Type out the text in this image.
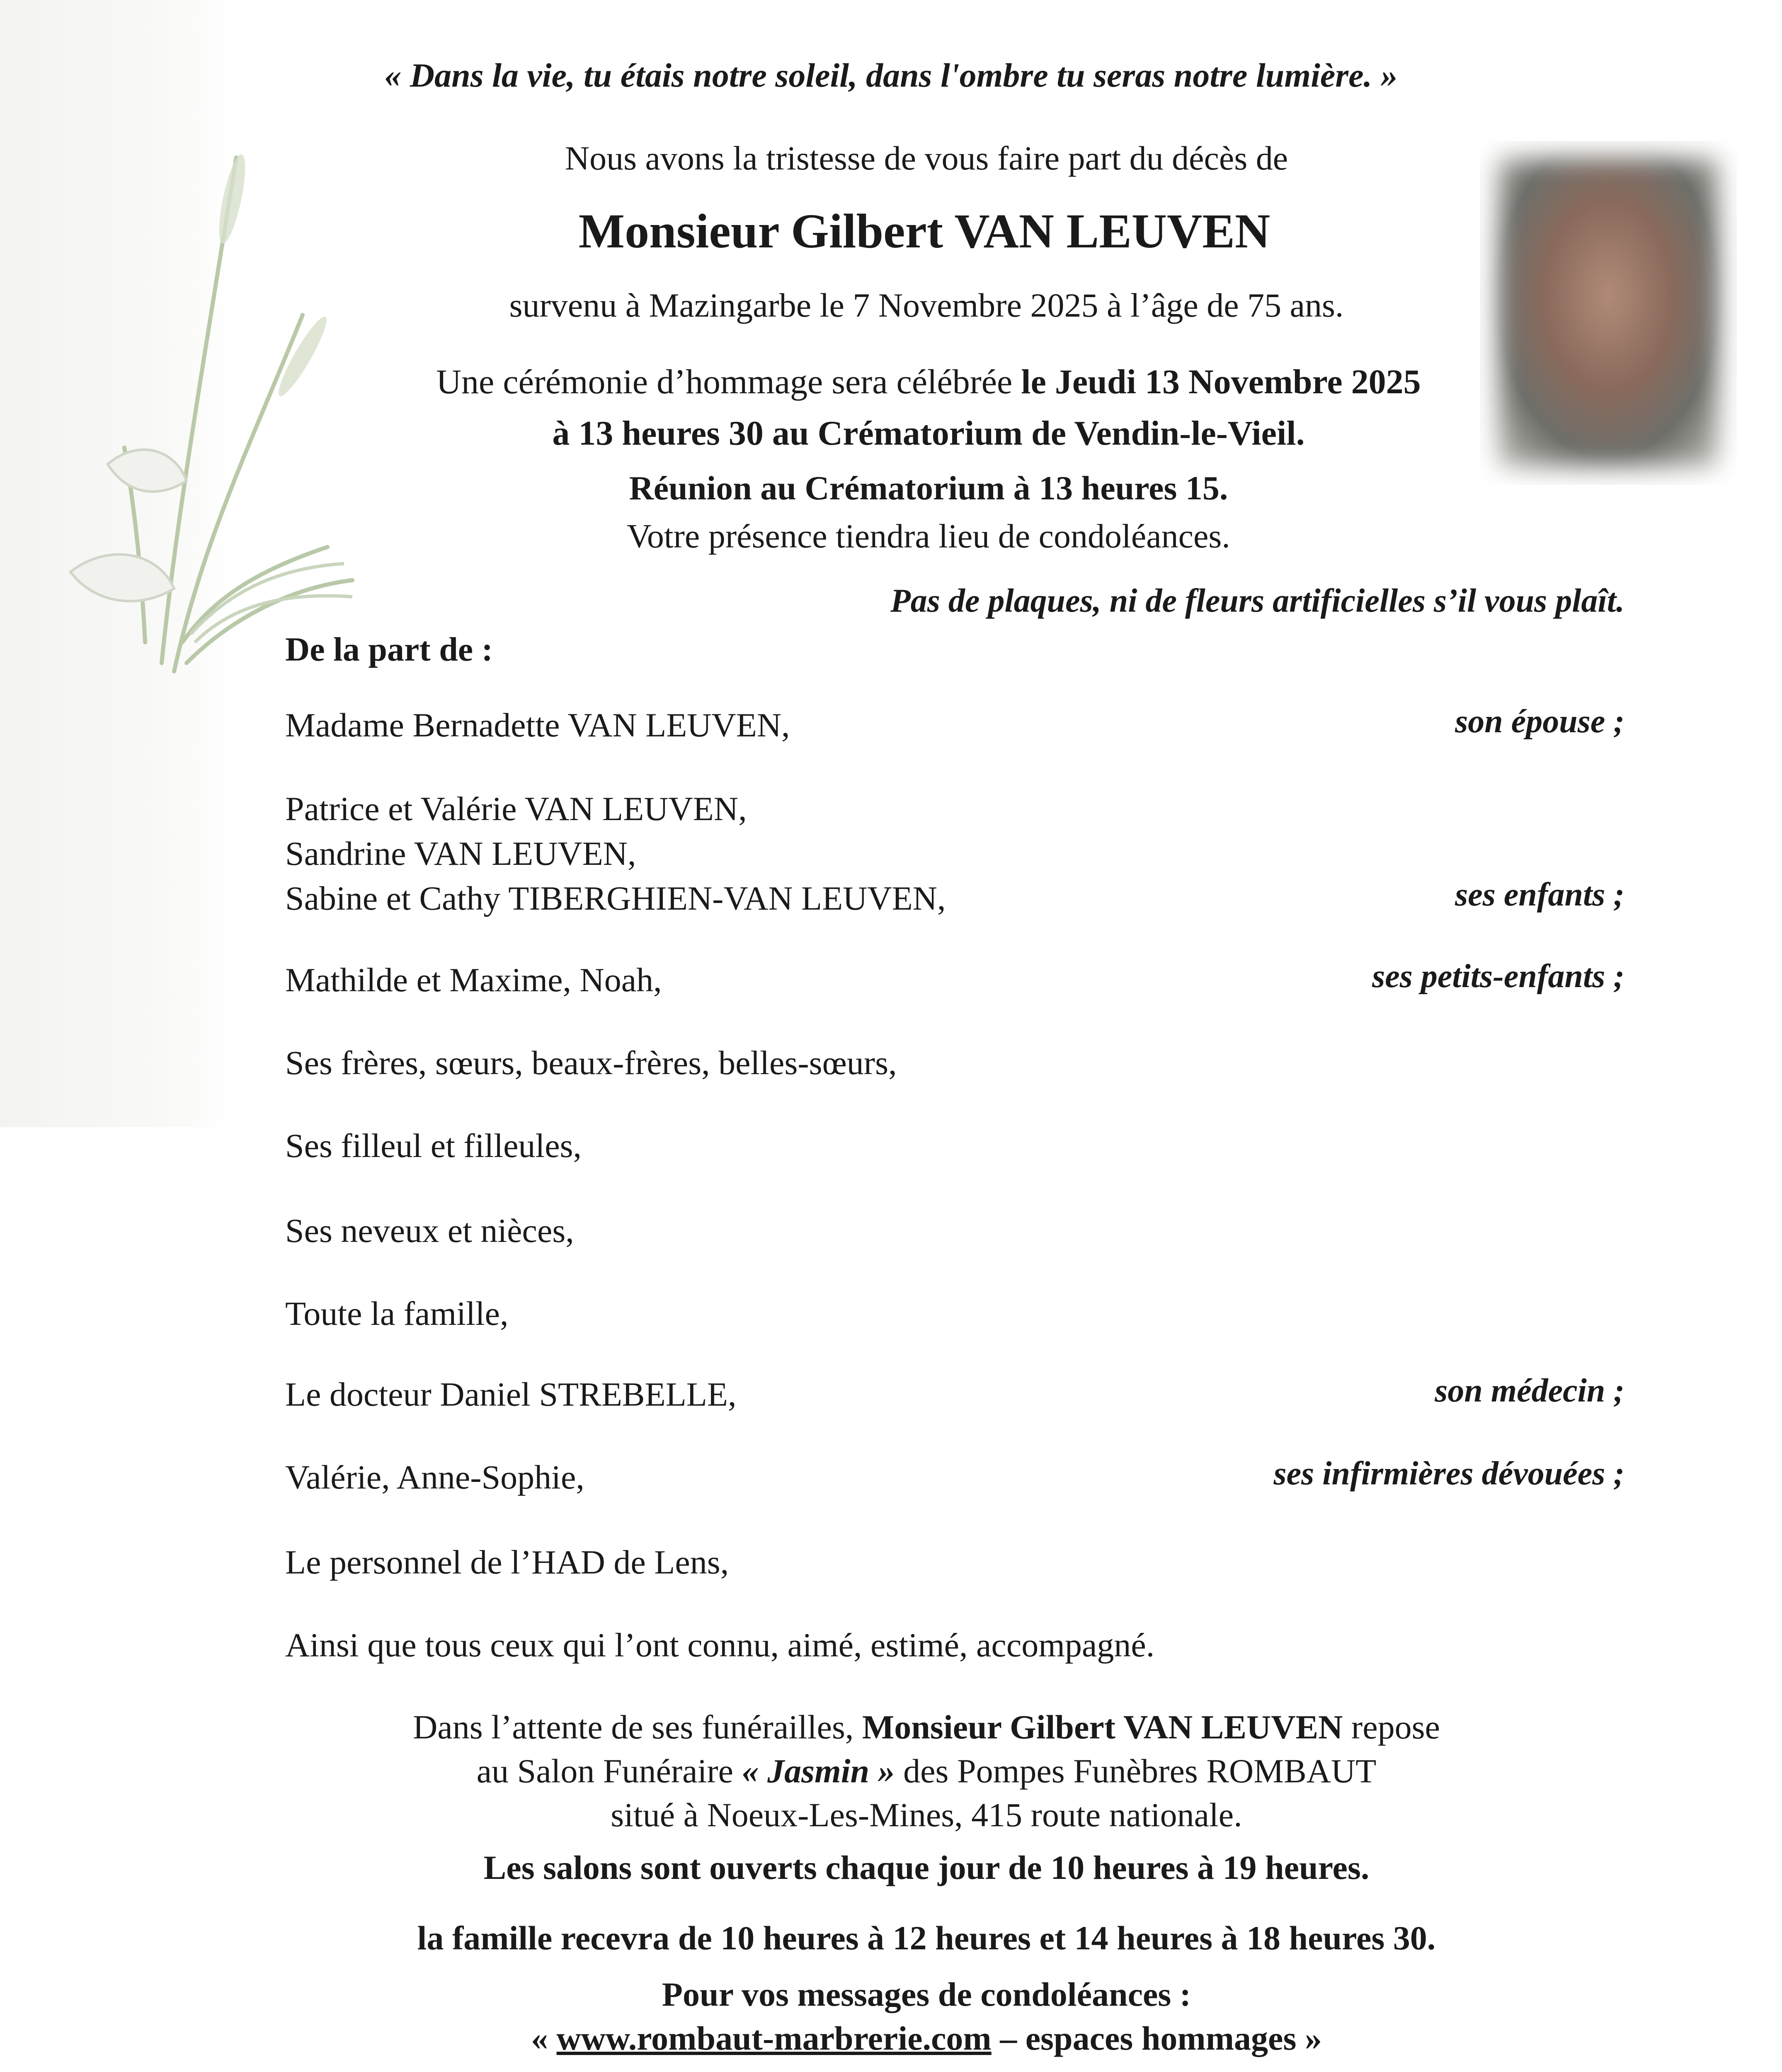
« Dans la vie, tu étais notre soleil, dans l'ombre tu seras notre lumière. »
Nous avons la tristesse de vous faire part du décès de
Monsieur Gilbert VAN LEUVEN
survenu à Mazingarbe le 7 Novembre 2025 à l’âge de 75 ans.
Une cérémonie d’hommage sera célébrée le Jeudi 13 Novembre 2025
à 13 heures 30 au Crématorium de Vendin-le-Vieil.
Réunion au Crématorium à 13 heures 15.
Votre présence tiendra lieu de condoléances.
Pas de plaques, ni de fleurs artificielles s’il vous plaît.
De la part de :
Madame Bernadette VAN LEUVEN,	son épouse ;
Patrice et Valérie VAN LEUVEN,
Sandrine VAN LEUVEN,
Sabine et Cathy TIBERGHIEN-VAN LEUVEN,	ses enfants ;
Mathilde et Maxime, Noah,	ses petits-enfants ;
Ses frères, sœurs, beaux-frères, belles-sœurs,
Ses filleul et filleules,
Ses neveux et nièces,
Toute la famille,
Le docteur Daniel STREBELLE,	son médecin ;
Valérie, Anne-Sophie,	ses infirmières dévouées ;
Le personnel de l’HAD de Lens,
Ainsi que tous ceux qui l’ont connu, aimé, estimé, accompagné.
Dans l’attente de ses funérailles, Monsieur Gilbert VAN LEUVEN repose
au Salon Funéraire « Jasmin » des Pompes Funèbres ROMBAUT
situé à Noeux-Les-Mines, 415 route nationale.
Les salons sont ouverts chaque jour de 10 heures à 19 heures.
la famille recevra de 10 heures à 12 heures et 14 heures à 18 heures 30.
Pour vos messages de condoléances :
« www.rombaut-marbrerie.com – espaces hommages »
